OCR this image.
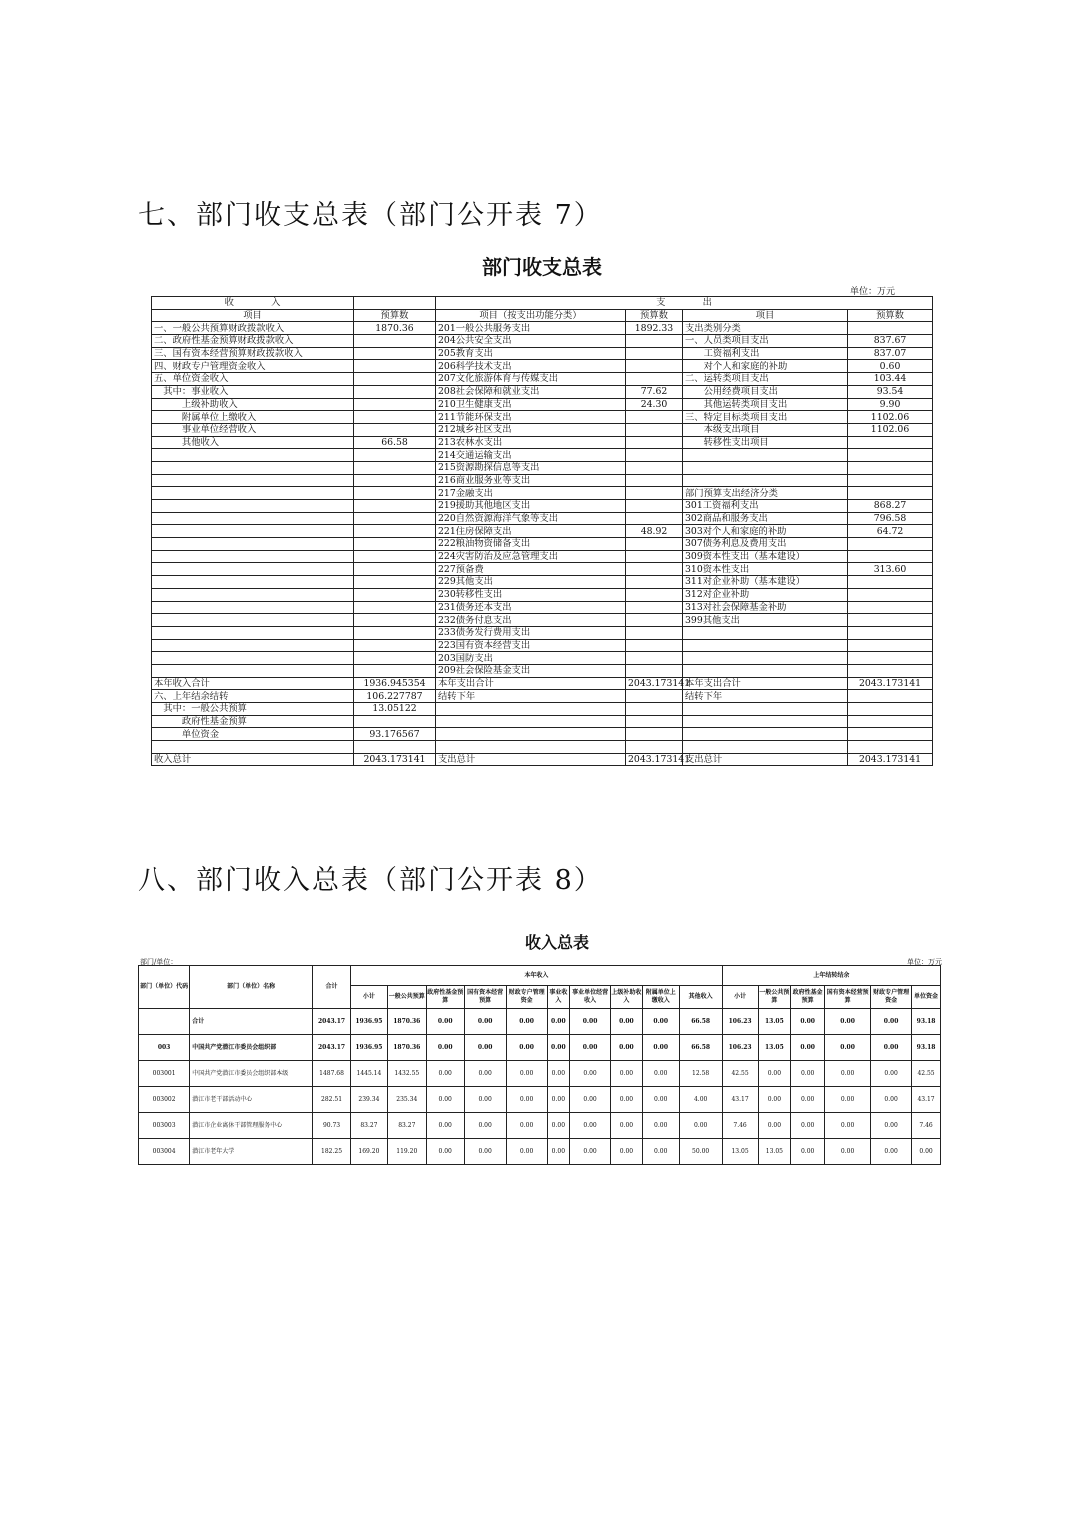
七、部门收支总表（部门公开表 7）
部门收支总表
单位：万元
收　　　　入		支　　　　出			
项目	预算数	项目（按支出功能分类）	预算数	项目	预算数
一、一般公共预算财政拨款收入	1870.36	201一般公共服务支出	1892.33	支出类别分类	
二、政府性基金预算财政拨款收入		204公共安全支出		一、人员类项目支出	837.67
三、国有资本经营预算财政拨款收入		205教育支出		　　工资福利支出	837.07
四、财政专户管理资金收入		206科学技术支出		　　对个人和家庭的补助	0.60
五、单位资金收入		207文化旅游体育与传媒支出		二、运转类项目支出	103.44
　其中：事业收入		208社会保障和就业支出	77.62	　　公用经费项目支出	93.54
　　　上级补助收入		210卫生健康支出	24.30	　　其他运转类项目支出	9.90
　　　附属单位上缴收入		211节能环保支出		三、特定目标类项目支出	1102.06
　　　事业单位经营收入		212城乡社区支出		　　本级支出项目	1102.06
　　　其他收入	66.58	213农林水支出		　　转移性支出项目	
		214交通运输支出			
		215资源勘探信息等支出			
		216商业服务业等支出			
		217金融支出		部门预算支出经济分类	
		219援助其他地区支出		301工资福利支出	868.27
		220自然资源海洋气象等支出		302商品和服务支出	796.58
		221住房保障支出	48.92	303对个人和家庭的补助	64.72
		222粮油物资储备支出		307债务利息及费用支出	
		224灾害防治及应急管理支出		309资本性支出（基本建设）	
		227预备费		310资本性支出	313.60
		229其他支出		311对企业补助（基本建设）	
		230转移性支出		312对企业补助	
		231债务还本支出		313对社会保障基金补助	
		232债务付息支出		399其他支出	
		233债务发行费用支出			
		223国有资本经营支出			
		203国防支出			
		209社会保险基金支出			
本年收入合计	1936.945354	本年支出合计	2043.173141	本年支出合计	2043.173141
六、上年结余结转	106.227787	结转下年		结转下年	
　其中：一般公共预算	13.05122				
　　　政府性基金预算					
　　　单位资金	93.176567				

收入总计	2043.173141	支出总计	2043.173141	支出总计	2043.173141
八、部门收入总表（部门公开表 8）
收入总表
部门/单位：	单位：万元
部门（单位）代码	部门（单位）名称	合计	本年收入										上年结转结余					
			小计	一般公共预算	政府性基金预算	国有资本经营预算	财政专户管理资金	事业收入	事业单位经营收入	上级补助收入	附属单位上缴收入	其他收入	小计	一般公共预算	政府性基金预算	国有资本经营预算	财政专户管理资金	单位资金
	合计	2043.17	1936.95	1870.36	0.00	0.00	0.00	0.00	0.00	0.00	0.00	66.58	106.23	13.05	0.00	0.00	0.00	93.18
003	中国共产党潜江市委员会组织部	2043.17	1936.95	1870.36	0.00	0.00	0.00	0.00	0.00	0.00	0.00	66.58	106.23	13.05	0.00	0.00	0.00	93.18
003001	中国共产党潜江市委员会组织部本级	1487.68	1445.14	1432.55	0.00	0.00	0.00	0.00	0.00	0.00	0.00	12.58	42.55	0.00	0.00	0.00	0.00	42.55
003002	潜江市老干部活动中心	282.51	239.34	235.34	0.00	0.00	0.00	0.00	0.00	0.00	0.00	4.00	43.17	0.00	0.00	0.00	0.00	43.17
003003	潜江市企业离休干部管理服务中心	90.73	83.27	83.27	0.00	0.00	0.00	0.00	0.00	0.00	0.00	0.00	7.46	0.00	0.00	0.00	0.00	7.46
003004	潜江市老年大学	182.25	169.20	119.20	0.00	0.00	0.00	0.00	0.00	0.00	0.00	50.00	13.05	13.05	0.00	0.00	0.00	0.00
